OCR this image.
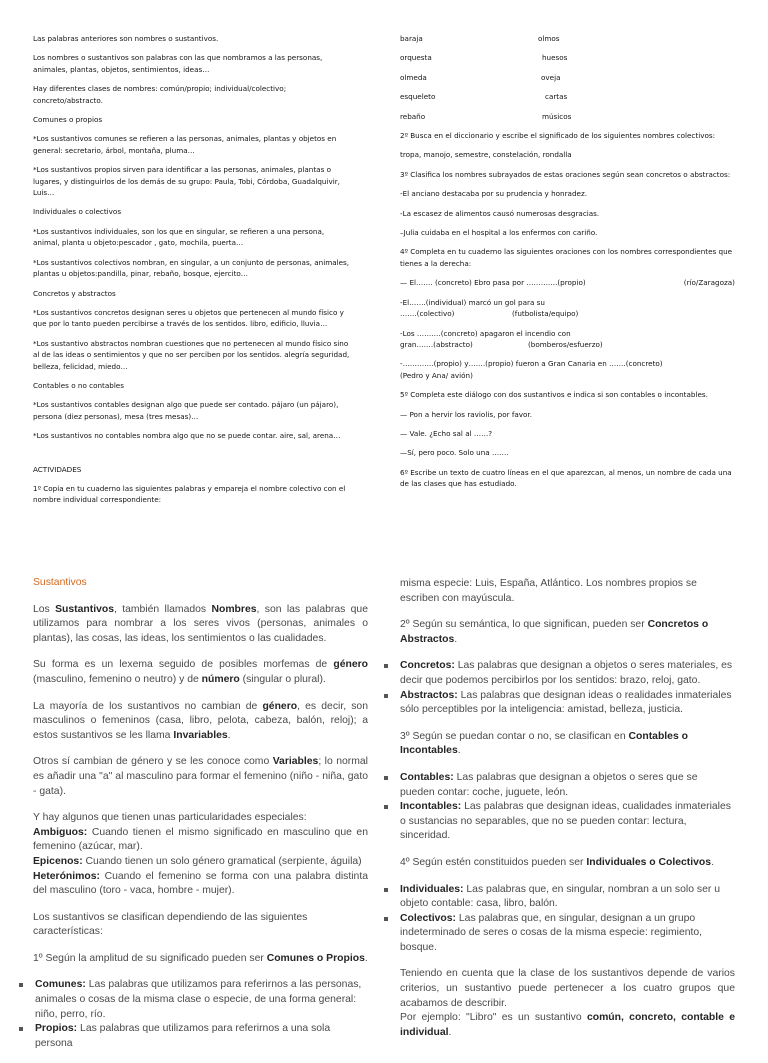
Las palabras anteriores son nombres o sustantivos.

Los nombres o sustantivos son palabras con las que nombramos a las personas, animales, plantas, objetos, sentimientos, ideas…

Hay diferentes clases de nombres: común/propio; individual/colectivo;
concreto/abstracto.

Comunes o propios

*Los sustantivos comunes se refieren a las personas, animales, plantas y objetos en general: secretario, árbol, montaña, pluma…

*Los sustantivos propios sirven para identificar a las personas, animales, plantas o lugares, y distinguirlos de los demás de su grupo: Paula, Tobi, Córdoba, Guadalquivir, Luis…

Individuales o colectivos

*Los sustantivos individuales, son los que en singular, se refieren a una persona, animal, planta u objeto:pescador , gato, mochila, puerta…

*Los sustantivos colectivos nombran, en singular, a un conjunto de personas, animales, plantas u objetos:pandilla, pinar, rebaño, bosque, ejercito…

Concretos y abstractos

*Los sustantivos concretos designan seres u objetos que pertenecen al mundo físico y que por lo tanto pueden percibirse a través de los sentidos. libro, edificio, lluvia…

*Los sustantivo abstractos nombran cuestiones que no pertenecen al mundo físico sino al de las ideas o sentimientos y que no ser perciben por los sentidos. alegría seguridad, belleza, felicidad, miedo…

Contables o no contables

*Los sustantivos contables designan algo que puede ser contado. pájaro (un pájaro), persona (diez personas), mesa (tres mesas)…

*Los sustantivos no contables nombra algo que no se puede contar. aire, sal, arena…

ACTIVIDADES

1º Copia en tu cuaderno las siguientes palabras y empareja el nombre colectivo con el nombre individual correspondiente:

baraja	olmos
orquesta	huesos
olmeda	oveja
esqueleto	cartas
rebaño	músicos

2º Busca en el diccionario y escribe el significado de los siguientes nombres colectivos:

tropa, manojo, semestre, constelación, rondalla

3º Clasifica los nombres subrayados de estas oraciones según sean concretos o abstractos:

-El anciano destacaba por su prudencia y honradez.

-La escasez de alimentos causó numerosas desgracias.

–Julia cuidaba en el hospital a los enfermos con cariño.

4º Completa en tu cuaderno las siguientes oraciones con los nombres correspondientes que tienes a la derecha:

— El……. (concreto) Ebro pasa por ………….(propio)	(río/Zaragoza)

-El…….(individual) marcó un gol para su
…….(colectivo)	(futbolista/equipo)

-Los ……….(concreto) apagaron el incendio con
gran…….(abstracto)	(bomberos/esfuerzo)

-………….(propio) y…….(propio) fueron a Gran Canaria en …….(concreto)
(Pedro y Ana/ avión)

5º Completa este diálogo con dos sustantivos e indica si son contables o incontables.

— Pon a hervir los raviolis, por favor.

— Vale. ¿Echo sal al ……?

—Sí, pero poco. Solo una …….

6º Escribe un texto de cuatro líneas en el que aparezcan, al menos, un nombre de cada una de las clases que has estudiado.

Sustantivos

Los Sustantivos, también llamados Nombres, son las palabras que utilizamos para nombrar a los seres vivos (personas, animales o plantas), las cosas, las ideas, los sentimientos o las cualidades.

Su forma es un lexema seguido de posibles morfemas de género (masculino, femenino o neutro) y de número (singular o plural).

La mayoría de los sustantivos no cambian de género, es decir, son masculinos o femeninos (casa, libro, pelota, cabeza, balón, reloj); a estos sustantivos se les llama Invariables.

Otros sí cambian de género y se les conoce como Variables; lo normal es añadir una "a" al masculino para formar el femenino (niño - niña, gato - gata).

Y hay algunos que tienen unas particularidades especiales:
Ambiguos: Cuando tienen el mismo significado en masculino que en femenino (azúcar, mar).
Epicenos: Cuando tienen un solo género gramatical (serpiente, águila)
Heterónimos: Cuando el femenino se forma con una palabra distinta del masculino (toro - vaca, hombre - mujer).

Los sustantivos se clasifican dependiendo de las siguientes características:

1º Según la amplitud de su significado pueden ser Comunes o Propios.

Comunes: Las palabras que utilizamos para referirnos a las personas, animales o cosas de la misma clase o especie, de una forma general: niño, perro, río.
Propios: Las palabras que utilizamos para referirnos a una sola persona

misma especie: Luis, España, Atlántico. Los nombres propios se escriben con mayúscula.

2º Según su semántica, lo que significan, pueden ser Concretos o Abstractos.

Concretos: Las palabras que designan a objetos o seres materiales, es decir que podemos percibirlos por los sentidos: brazo, reloj, gato.
Abstractos: Las palabras que designan ideas o realidades inmateriales sólo perceptibles por la inteligencia: amistad, belleza, justicia.

3º Según se puedan contar o no, se clasifican en Contables o Incontables.

Contables: Las palabras que designan a objetos o seres que se pueden contar: coche, juguete, león.
Incontables: Las palabras que designan ideas, cualidades inmateriales o sustancias no separables, que no se pueden contar: lectura, sinceridad.

4º Según estén constituidos pueden ser Individuales o Colectivos.

Individuales: Las palabras que, en singular, nombran a un solo ser u objeto contable: casa, libro, balón.
Colectivos: Las palabras que, en singular, designan a un grupo indeterminado de seres o cosas de la misma especie: regimiento, bosque.

Teniendo en cuenta que la clase de los sustantivos depende de varios criterios, un sustantivo puede pertenecer a los cuatro grupos que acabamos de describir.
Por ejemplo: "Libro" es un sustantivo común, concreto, contable e individual.
